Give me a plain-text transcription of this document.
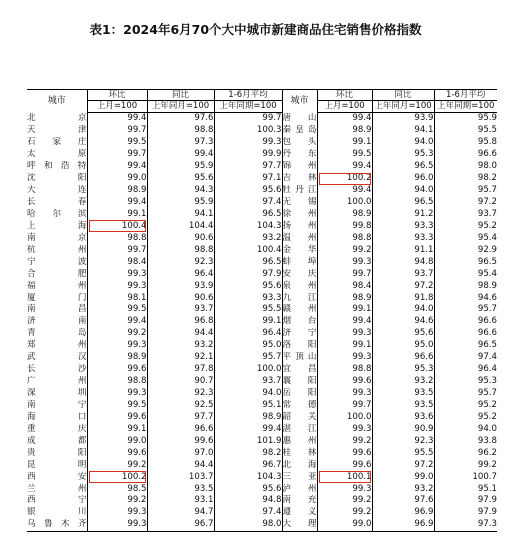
表1：2024年6月70个大中城市新建商品住宅销售价格指数
城市	环比	同比	1-6月平均	城市	环比	同比	1-6月平均
	上月=100	上年同月=100	上年同期=100		上月=100	上年同月=100	上年同期=100
北京	99.4	97.6	99.7	唐山	99.4	93.9	95.9
天津	99.7	98.8	100.3	秦皇岛	98.9	94.1	95.5
石家庄	99.5	97.3	99.3	包头	99.1	94.0	95.8
太原	99.7	99.4	99.9	丹东	99.5	95.3	96.6
呼和浩特	99.4	95.9	97.7	锦州	99.4	96.5	98.0
沈阳	99.0	95.6	97.1	吉林	100.2	96.0	98.2
大连	98.9	94.3	95.6	牡丹江	99.4	94.0	95.7
长春	99.4	95.9	97.4	无锡	100.0	96.5	97.2
哈尔滨	99.1	94.1	96.5	徐州	98.9	91.2	93.7
上海	100.4	104.4	104.3	扬州	99.8	93.3	95.2
南京	98.8	90.6	93.2	温州	98.8	93.3	95.4
杭州	99.7	98.8	100.4	金华	99.2	91.1	92.9
宁波	98.4	92.3	96.5	蚌埠	99.3	94.8	96.5
合肥	99.3	96.4	97.9	安庆	99.7	93.7	95.4
福州	99.3	93.9	95.6	泉州	98.4	97.2	98.9
厦门	98.1	90.6	93.3	九江	98.9	91.8	94.6
南昌	99.5	93.7	95.5	赣州	99.1	94.0	95.7
济南	99.4	96.8	99.1	烟台	99.4	94.6	96.6
青岛	99.2	94.4	96.4	济宁	99.3	95.6	96.6
郑州	99.3	93.2	95.0	洛阳	99.1	95.0	96.5
武汉	98.9	92.1	95.7	平顶山	99.3	96.6	97.4
长沙	99.6	97.8	100.0	宜昌	98.8	95.3	96.4
广州	98.8	90.7	93.7	襄阳	99.6	93.2	95.3
深圳	99.3	92.3	94.0	岳阳	99.3	93.5	95.7
南宁	99.5	92.5	95.1	常德	99.7	93.5	95.2
海口	99.6	97.7	98.9	韶关	100.0	93.6	95.2
重庆	99.1	96.6	99.4	湛江	99.3	90.9	94.0
成都	99.0	99.6	101.9	惠州	99.2	92.3	93.8
贵阳	99.6	97.0	98.2	桂林	99.6	95.5	96.2
昆明	99.2	94.4	96.7	北海	99.6	97.2	99.2
西安	100.2	103.7	104.3	三亚	100.1	99.0	100.7
兰州	98.5	93.5	95.6	泸州	99.3	93.2	95.1
西宁	99.2	93.1	94.8	南充	99.2	97.6	97.9
银川	99.3	94.7	97.4	遵义	99.2	96.9	97.9
乌鲁木齐	99.3	96.7	98.0	大理	99.0	96.9	97.3
